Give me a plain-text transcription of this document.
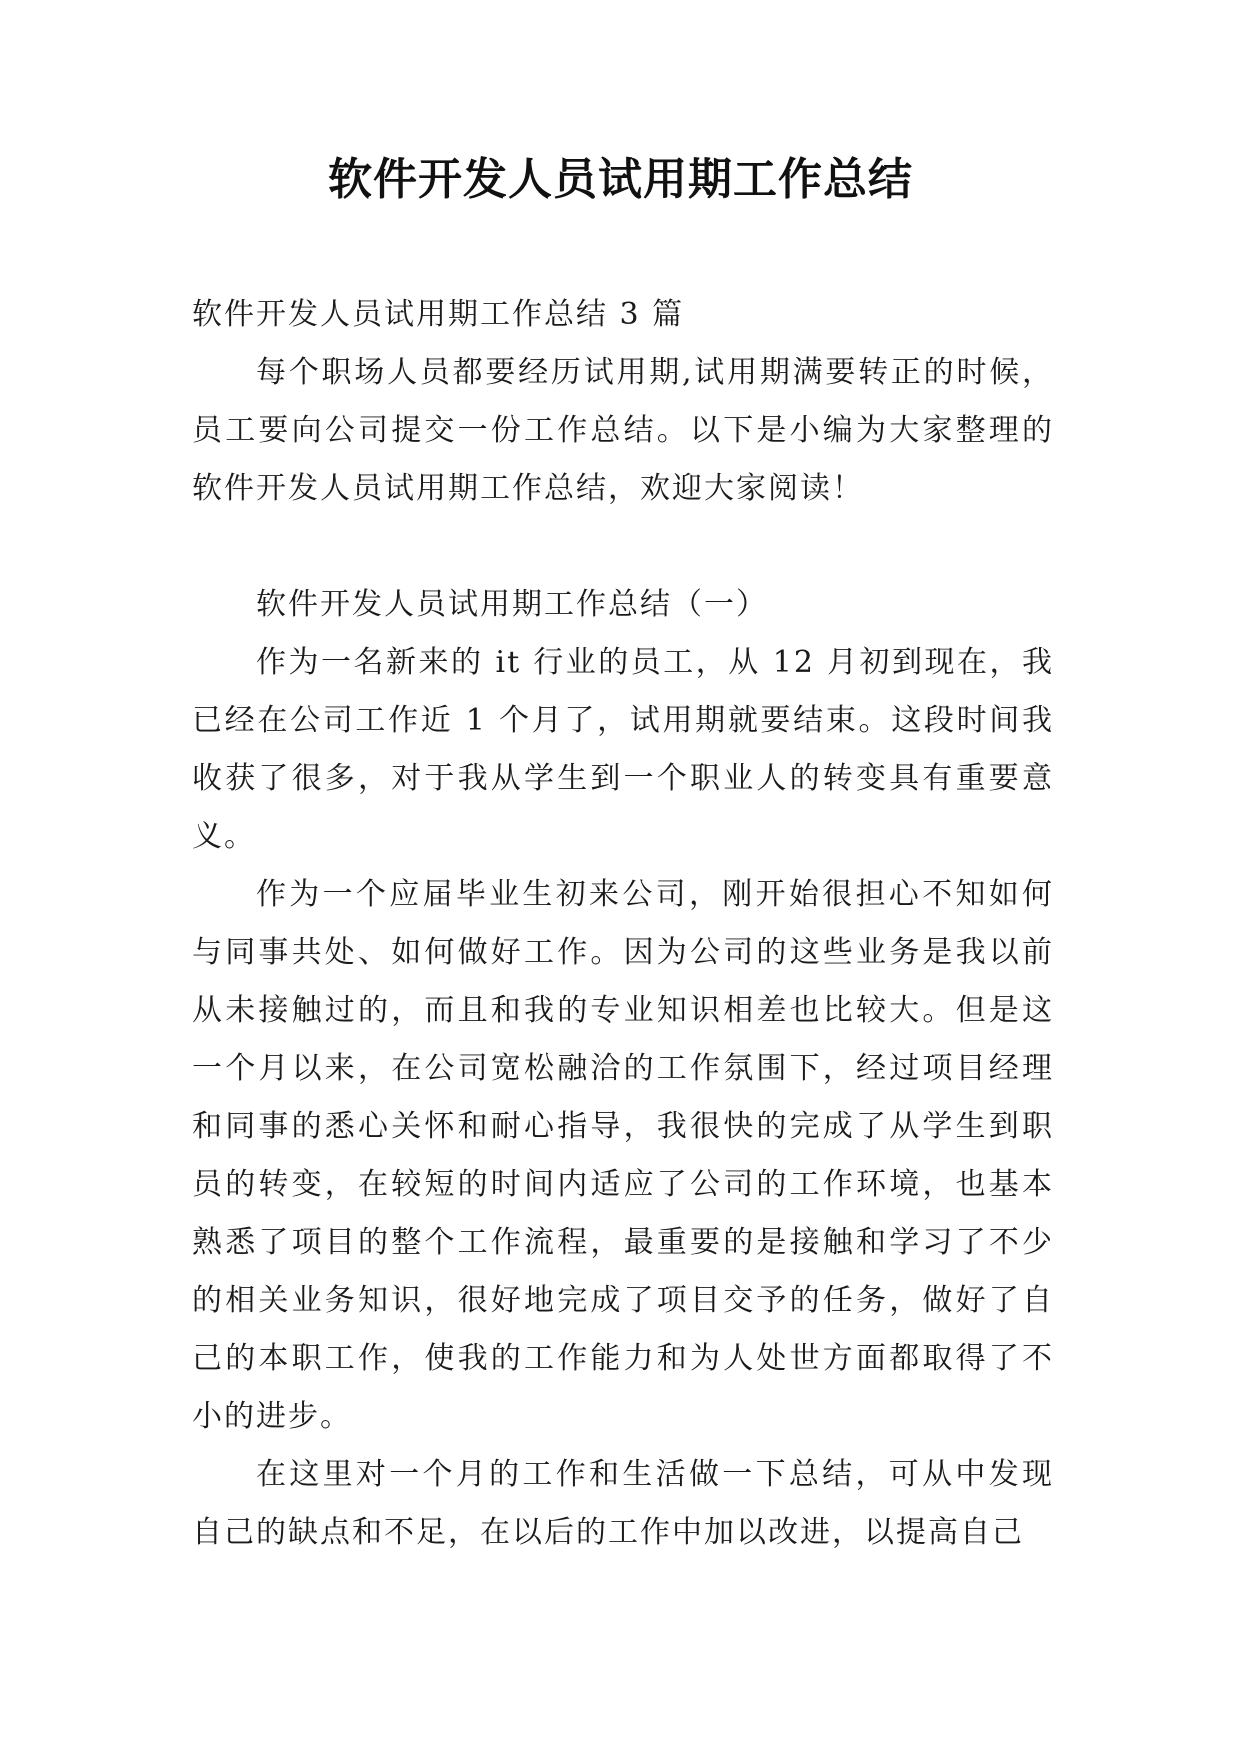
软件开发人员试用期工作总结

软件开发人员试用期工作总结 3 篇

每个职场人员都要经历试用期,试用期满要转正的时候，员工要向公司提交一份工作总结。以下是小编为大家整理的软件开发人员试用期工作总结，欢迎大家阅读！

软件开发人员试用期工作总结（一）

作为一名新来的 it 行业的员工，从 12 月初到现在，我已经在公司工作近 1 个月了，试用期就要结束。这段时间我收获了很多，对于我从学生到一个职业人的转变具有重要意义。

作为一个应届毕业生初来公司，刚开始很担心不知如何与同事共处、如何做好工作。因为公司的这些业务是我以前从未接触过的，而且和我的专业知识相差也比较大。但是这一个月以来，在公司宽松融洽的工作氛围下，经过项目经理和同事的悉心关怀和耐心指导，我很快的完成了从学生到职员的转变，在较短的时间内适应了公司的工作环境，也基本熟悉了项目的整个工作流程，最重要的是接触和学习了不少的相关业务知识，很好地完成了项目交予的任务，做好了自己的本职工作，使我的工作能力和为人处世方面都取得了不小的进步。

在这里对一个月的工作和生活做一下总结，可从中发现自己的缺点和不足，在以后的工作中加以改进，以提高自己
